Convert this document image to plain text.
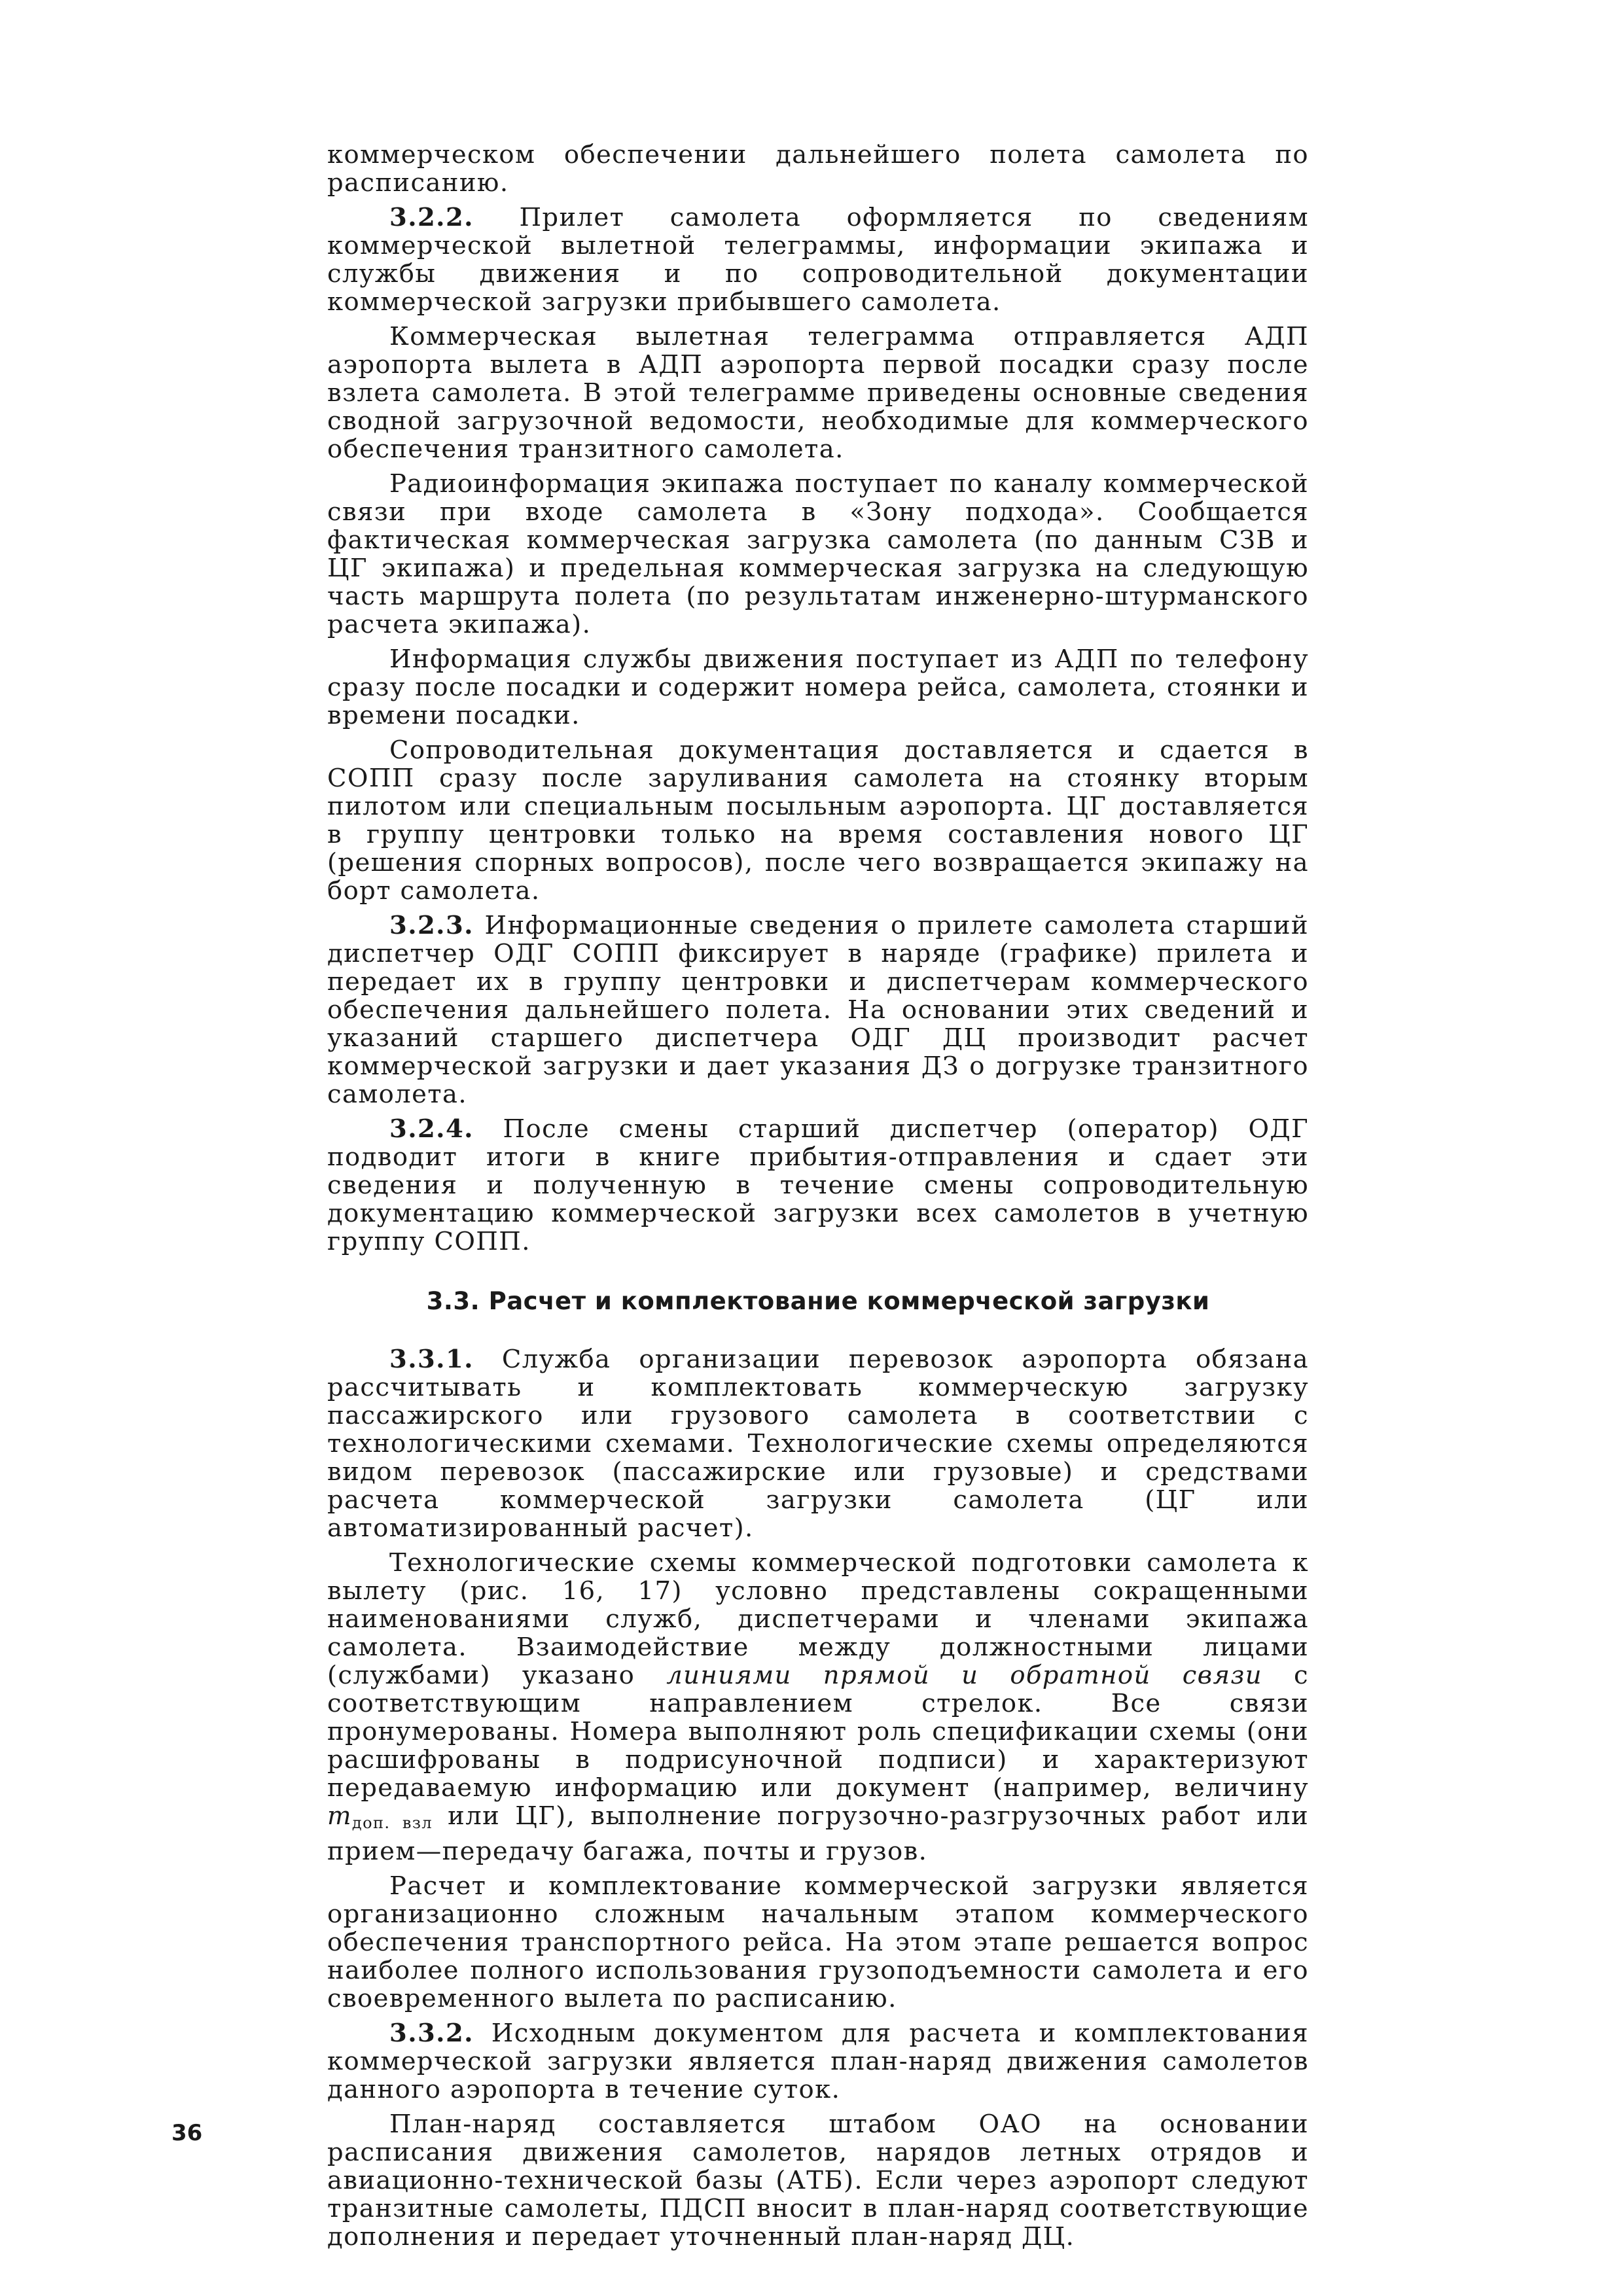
коммерческом обеспечении дальнейшего полета самолета по расписанию.

3.2.2. Прилет самолета оформляется по сведениям коммерческой вылетной телеграммы, информации экипажа и службы движения и по сопроводительной документации коммерческой загрузки прибывшего самолета.

Коммерческая вылетная телеграмма отправляется АДП аэропорта вылета в АДП аэропорта первой посадки сразу после взлета самолета. В этой телеграмме приведены основные сведения сводной загрузочной ведомости, необходимые для коммерческого обеспечения транзитного самолета.

Радиоинформация экипажа поступает по каналу коммерческой связи при входе самолета в «Зону подхода». Сообщается фактическая коммерческая загрузка самолета (по данным СЗВ и ЦГ экипажа) и предельная коммерческая загрузка на следующую часть маршрута полета (по результатам инженерно-штурманского расчета экипажа).

Информация службы движения поступает из АДП по телефону сразу после посадки и содержит номера рейса, самолета, стоянки и времени посадки.

Сопроводительная документация доставляется и сдается в СОПП сразу после заруливания самолета на стоянку вторым пилотом или специальным посыльным аэропорта. ЦГ доставляется в группу центровки только на время составления нового ЦГ (решения спорных вопросов), после чего возвращается экипажу на борт самолета.

3.2.3. Информационные сведения о прилете самолета старший диспетчер ОДГ СОПП фиксирует в наряде (графике) прилета и передает их в группу центровки и диспетчерам коммерческого обеспечения дальнейшего полета. На основании этих сведений и указаний старшего диспетчера ОДГ ДЦ производит расчет коммерческой загрузки и дает указания ДЗ о догрузке транзитного самолета.

3.2.4. После смены старший диспетчер (оператор) ОДГ подводит итоги в книге прибытия-отправления и сдает эти сведения и полученную в течение смены сопроводительную документацию коммерческой загрузки всех самолетов в учетную группу СОПП.

3.3. Расчет и комплектование коммерческой загрузки

3.3.1. Служба организации перевозок аэропорта обязана рассчитывать и комплектовать коммерческую загрузку пассажирского или грузового самолета в соответствии с технологическими схемами. Технологические схемы определяются видом перевозок (пассажирские или грузовые) и средствами расчета коммерческой загрузки самолета (ЦГ или автоматизированный расчет).

Технологические схемы коммерческой подготовки самолета к вылету (рис. 16, 17) условно представлены сокращенными наименованиями служб, диспетчерами и членами экипажа самолета. Взаимодействие между должностными лицами (службами) указано линиями прямой и обратной связи с соответствующим направлением стрелок. Все связи пронумерованы. Номера выполняют роль спецификации схемы (они расшифрованы в подрисуночной подписи) и характеризуют передаваемую информацию или документ (например, величину $m_{доп. взл}$ или ЦГ), выполнение погрузочно-разгрузочных работ или прием—передачу багажа, почты и грузов.

Расчет и комплектование коммерческой загрузки является организационно сложным начальным этапом коммерческого обеспечения транспортного рейса. На этом этапе решается вопрос наиболее полного использования грузоподъемности самолета и его своевременного вылета по расписанию.

3.3.2. Исходным документом для расчета и комплектования коммерческой загрузки является план-наряд движения самолетов данного аэропорта в течение суток.

План-наряд составляется штабом ОАО на основании расписания движения самолетов, нарядов летных отрядов и авиационно-технической базы (АТБ). Если через аэропорт следуют транзитные самолеты, ПДСП вносит в план-наряд соответствующие дополнения и передает уточненный план-наряд ДЦ.

36
